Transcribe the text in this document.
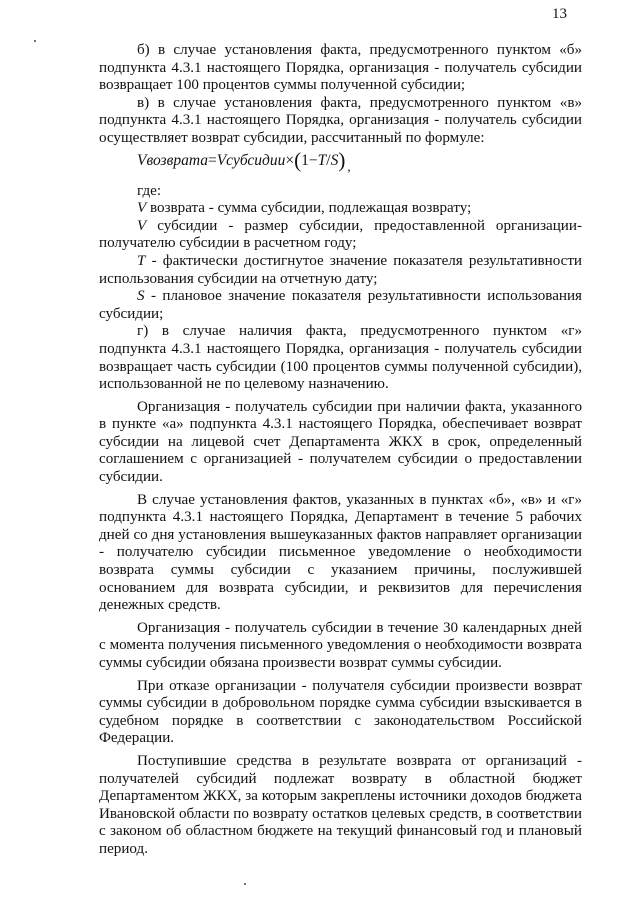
13

б) в случае установления факта, предусмотренного пунктом «б» подпункта 4.3.1 настоящего Порядка, организация - получатель субсидии возвращает 100 процентов суммы полученной субсидии;

в) в случае установления факта, предусмотренного пунктом «в» подпункта 4.3.1 настоящего Порядка, организация - получатель субсидии осуществляет возврат субсидии, рассчитанный по формуле:

Vвозврата=Vсубсидии×(1−T/S) $_,$

где:

V возврата - сумма субсидии, подлежащая возврату;

V субсидии - размер субсидии, предоставленной организации-получателю субсидии в расчетном году;

T - фактически достигнутое значение показателя результативности использования субсидии на отчетную дату;

S - плановое значение показателя результативности использования субсидии;

г) в случае наличия факта, предусмотренного пунктом «г» подпункта 4.3.1 настоящего Порядка, организация - получатель субсидии возвращает часть субсидии (100 процентов суммы полученной субсидии), использованной не по целевому назначению.

Организация - получатель субсидии при наличии факта, указанного в пункте «а» подпункта 4.3.1 настоящего Порядка, обеспечивает возврат субсидии на лицевой счет Департамента ЖКХ в срок, определенный соглашением с организацией - получателем субсидии о предоставлении субсидии.

В случае установления фактов, указанных в пунктах «б», «в» и «г» подпункта 4.3.1 настоящего Порядка, Департамент в течение 5 рабочих дней со дня установления вышеуказанных фактов направляет организации - получателю субсидии письменное уведомление о необходимости возврата суммы субсидии с указанием причины, послужившей основанием для возврата субсидии, и реквизитов для перечисления денежных средств.

Организация - получатель субсидии в течение 30 календарных дней с момента получения письменного уведомления о необходимости возврата суммы субсидии обязана произвести возврат суммы субсидии.

При отказе организации - получателя субсидии произвести возврат суммы субсидии в добровольном порядке сумма субсидии взыскивается в судебном порядке в соответствии с законодательством Российской Федерации.

Поступившие средства в результате возврата от организаций - получателей субсидий подлежат возврату в областной бюджет Департаментом ЖКХ, за которым закреплены источники доходов бюджета Ивановской области по возврату остатков целевых средств, в соответствии с законом об областном бюджете на текущий финансовый год и плановый период.
